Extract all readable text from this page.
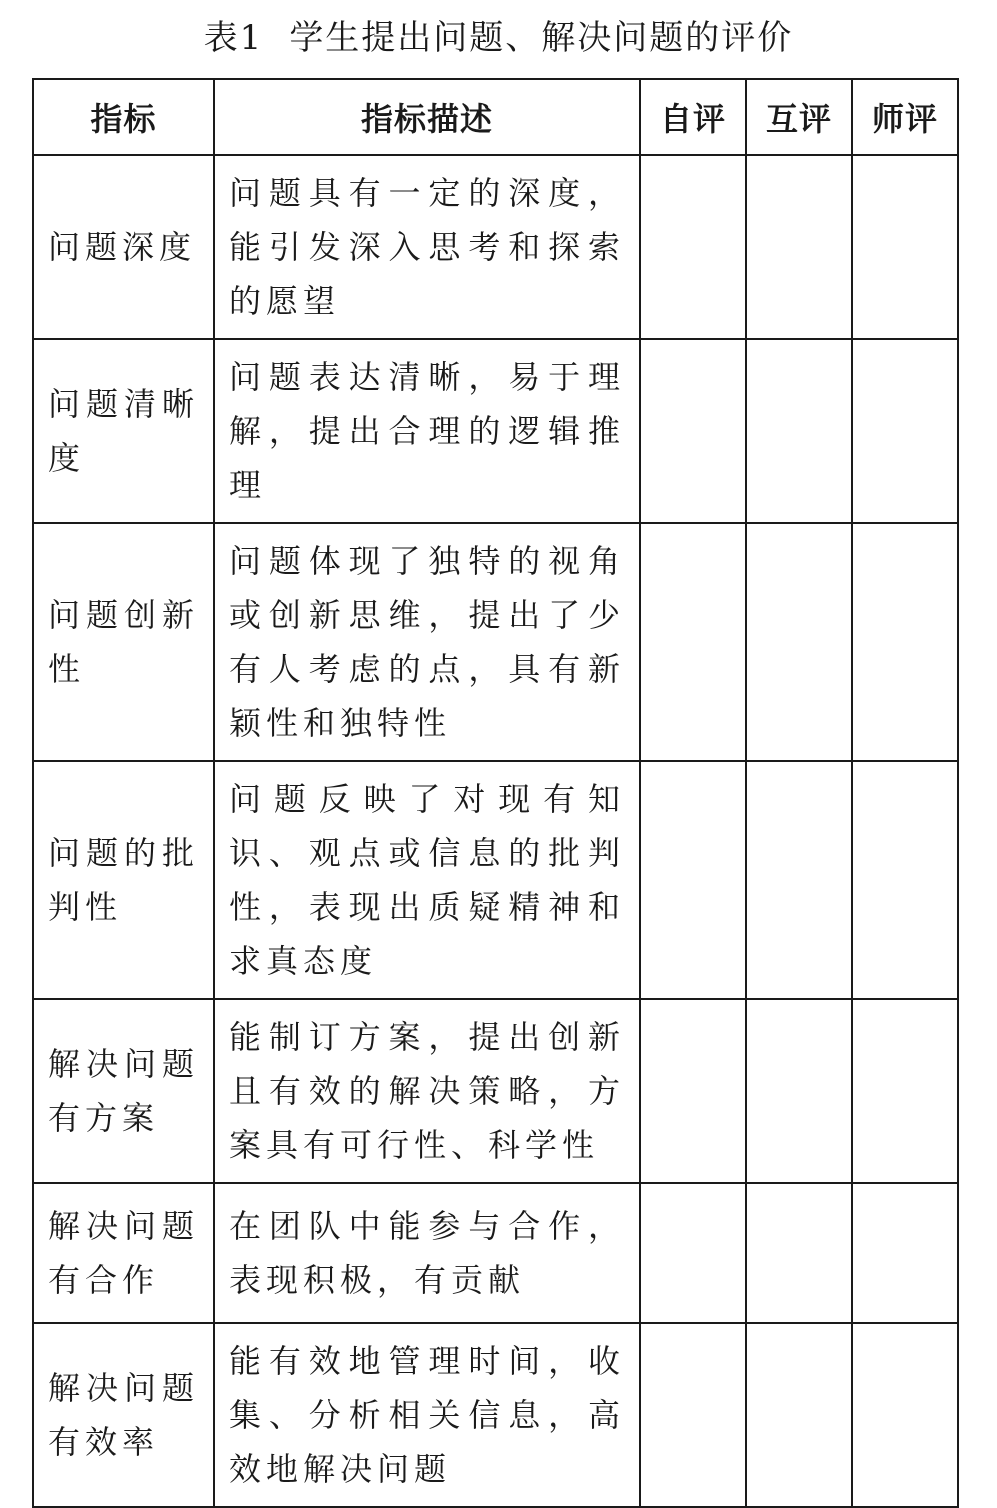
表1 学生提出问题、解决问题的评价
指标	指标描述	自评	互评	师评
问题深度	问题具有一定的深度，能引发深入思考和探索的愿望			
问题清晰度	问题表达清晰，易于理解，提出合理的逻辑推理			
问题创新性	问题体现了独特的视角或创新思维，提出了少有人考虑的点，具有新颖性和独特性			
问题的批判性	问题反映了对现有知识、观点或信息的批判性，表现出质疑精神和求真态度			
解决问题有方案	能制订方案，提出创新且有效的解决策略，方案具有可行性、科学性			
解决问题有合作	在团队中能参与合作，表现积极，有贡献			
解决问题有效率	能有效地管理时间，收集、分析相关信息，高效地解决问题			
